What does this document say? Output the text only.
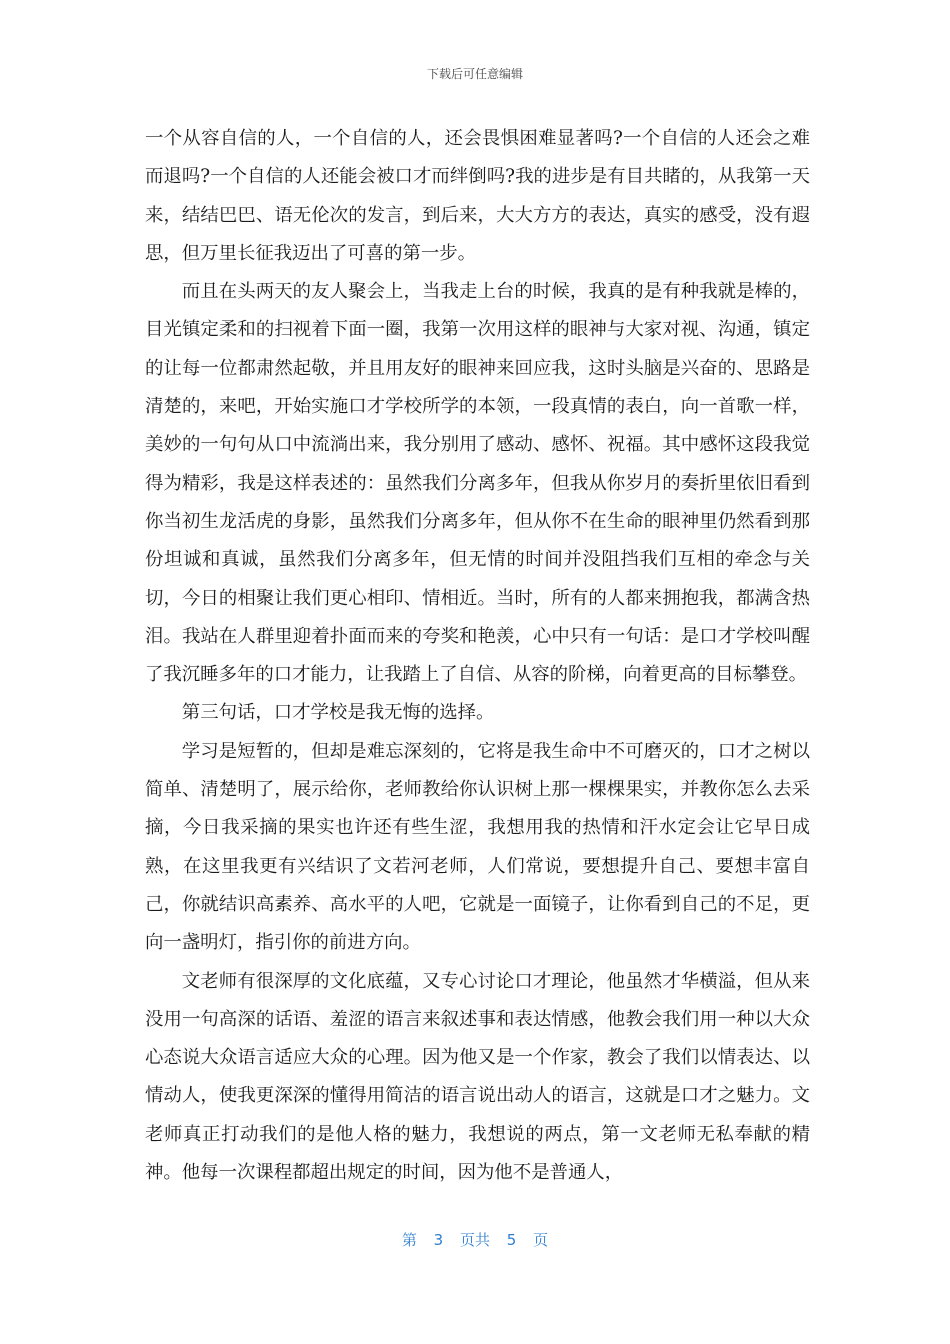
下载后可任意编辑

一个从容自信的人，一个自信的人，还会畏惧困难显著吗?一个自信的人还会之难而退吗?一个自信的人还能会被口才而绊倒吗?我的进步是有目共睹的，从我第一天来，结结巴巴、语无伦次的发言，到后来，大大方方的表达，真实的感受，没有遐思，但万里长征我迈出了可喜的第一步。

而且在头两天的友人聚会上，当我走上台的时候，我真的是有种我就是棒的，目光镇定柔和的扫视着下面一圈，我第一次用这样的眼神与大家对视、沟通，镇定的让每一位都肃然起敬，并且用友好的眼神来回应我，这时头脑是兴奋的、思路是清楚的，来吧，开始实施口才学校所学的本领，一段真情的表白，向一首歌一样，美妙的一句句从口中流淌出来，我分别用了感动、感怀、祝福。其中感怀这段我觉得为精彩，我是这样表述的：虽然我们分离多年，但我从你岁月的奏折里依旧看到你当初生龙活虎的身影，虽然我们分离多年，但从你不在生命的眼神里仍然看到那份坦诚和真诚，虽然我们分离多年，但无情的时间并没阻挡我们互相的牵念与关切，今日的相聚让我们更心相印、情相近。当时，所有的人都来拥抱我，都满含热泪。我站在人群里迎着扑面而来的夸奖和艳羡，心中只有一句话：是口才学校叫醒了我沉睡多年的口才能力，让我踏上了自信、从容的阶梯，向着更高的目标攀登。

第三句话，口才学校是我无悔的选择。

学习是短暂的，但却是难忘深刻的，它将是我生命中不可磨灭的，口才之树以简单、清楚明了，展示给你，老师教给你认识树上那一棵棵果实，并教你怎么去采摘，今日我采摘的果实也许还有些生涩，我想用我的热情和汗水定会让它早日成熟，在这里我更有兴结识了文若河老师，人们常说，要想提升自己、要想丰富自己，你就结识高素养、高水平的人吧，它就是一面镜子，让你看到自己的不足，更向一盏明灯，指引你的前进方向。

文老师有很深厚的文化底蕴，又专心讨论口才理论，他虽然才华横溢，但从来没用一句高深的话语、羞涩的语言来叙述事和表达情感，他教会我们用一种以大众心态说大众语言适应大众的心理。因为他又是一个作家，教会了我们以情表达、以情动人，使我更深深的懂得用简洁的语言说出动人的语言，这就是口才之魅力。文老师真正打动我们的是他人格的魅力，我想说的两点，第一文老师无私奉献的精神。他每一次课程都超出规定的时间，因为他不是普通人，

第 3 页共 5 页
